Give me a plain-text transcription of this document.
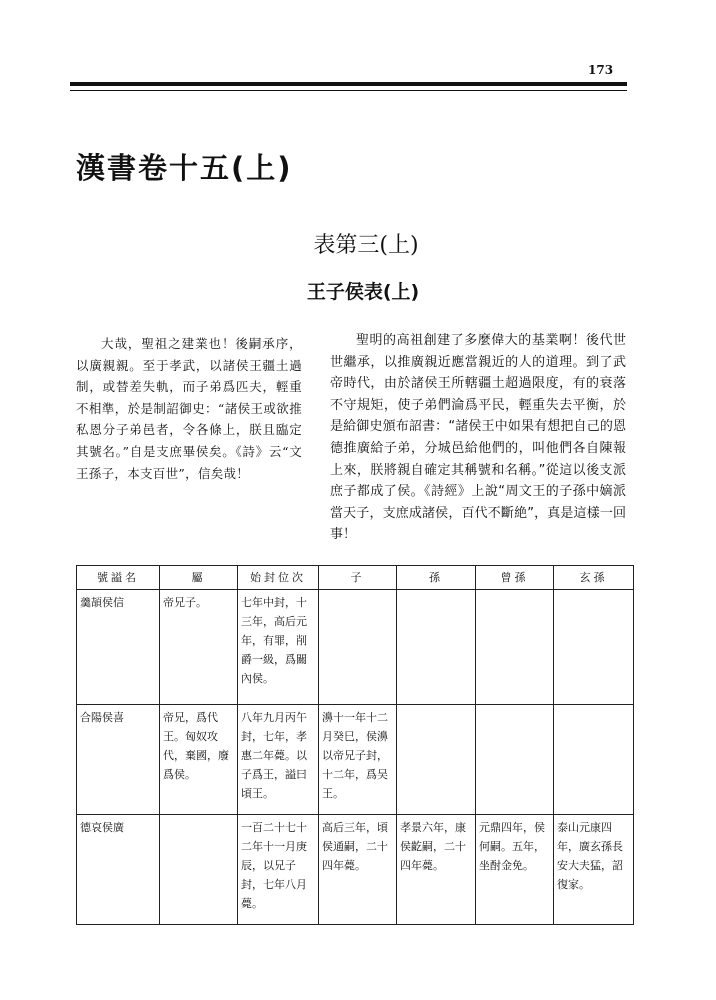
173
漢書卷十五(上)
表第三(上)
王子侯表(上)

大哉，聖祖之建業也！後嗣承序，以廣親親。至于孝武，以諸侯王疆土過制，或替差失軌，而子弟爲匹夫，輕重不相準，於是制詔御史：“諸侯王或欲推私恩分子弟邑者，令各條上，朕且臨定其號名。”自是支庶畢侯矣。《詩》云“文王孫子，本支百世”，信矣哉！

聖明的高祖創建了多麼偉大的基業啊！後代世世繼承，以推廣親近應當親近的人的道理。到了武帝時代，由於諸侯王所轄疆土超過限度，有的衰落不守規矩，使子弟們淪爲平民，輕重失去平衡，於是給御史頒布詔書：“諸侯王中如果有想把自己的恩德推廣給子弟，分城邑給他們的，叫他們各自陳報上來，朕將親自確定其稱號和名稱。”從這以後支派庶子都成了侯。《詩經》上說“周文王的子孫中嫡派當天子，支庶成諸侯，百代不斷絶”，真是這樣一回事！

號謚名	屬	始封位次	子	孫	曾孫	玄孫
羹頡侯信	帝兄子。	七年中封，十三年，高后元年，有罪，削爵一級，爲關內侯。				
合陽侯喜	帝兄，爲代王。匈奴攻代，棄國，廢爲侯。	八年九月丙午封，七年，孝惠二年薨。以子爲王，謚曰頃王。	濞十一年十二月癸巳，侯濞以帝兄子封，十二年，爲吴王。			
德哀侯廣		一百二十七十二年十一月庚辰，以兄子封，七年八月薨。	高后三年，頃侯通嗣，二十四年薨。	孝景六年，康侯齕嗣，二十四年薨。	元鼎四年，侯何嗣。五年，坐酎金免。	泰山元康四年，廣玄孫長安大夫猛，詔復家。
